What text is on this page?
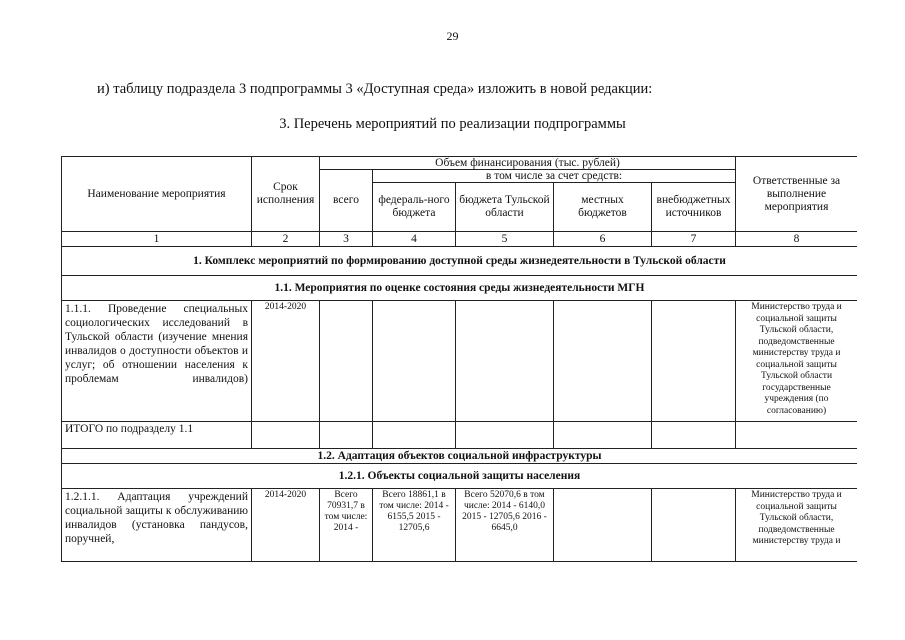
29
и) таблицу подраздела 3 подпрограммы 3 «Доступная среда» изложить в новой редакции:
3. Перечень мероприятий по реализации подпрограммы
Наименование мероприятия	Срок исполнения	Объем финансирования (тыс. рублей)					Ответственные за выполнение мероприятия
		всего	в том числе за счет средств:				
			федераль-ного бюджета	бюджета Тульской области	местных бюджетов	внебюджетных источников	
1	2	3	4	5	6	7	8
1. Комплекс мероприятий по формированию доступной среды жизнедеятельности в Тульской области							
1.1. Мероприятия по оценке состояния среды жизнедеятельности МГН							
1.1.1. Проведение специальных социологических исследований в Тульской области (изучение мнения инвалидов о доступности объектов и услуг; об отношении населения к проблемам инвалидов)	2014-2020						Министерство труда и социальной защиты Тульской области, подведомственные министерству труда и социальной защиты Тульской области государственные учреждения (по согласованию)
ИТОГО по подразделу 1.1							
1.2. Адаптация объектов социальной инфраструктуры							
1.2.1. Объекты социальной защиты населения							
1.2.1.1. Адаптация учреждений социальной защиты к обслуживанию инвалидов (установка пандусов, поручней,	2014-2020	Всего 70931,7 в том числе: 2014 -	Всего 18861,1 в том числе: 2014 - 6155,5 2015 - 12705,6	Всего 52070,6 в том числе: 2014 - 6140,0 2015 - 12705,6 2016 - 6645,0			Министерство труда и социальной защиты Тульской области, подведомственные министерству труда и
